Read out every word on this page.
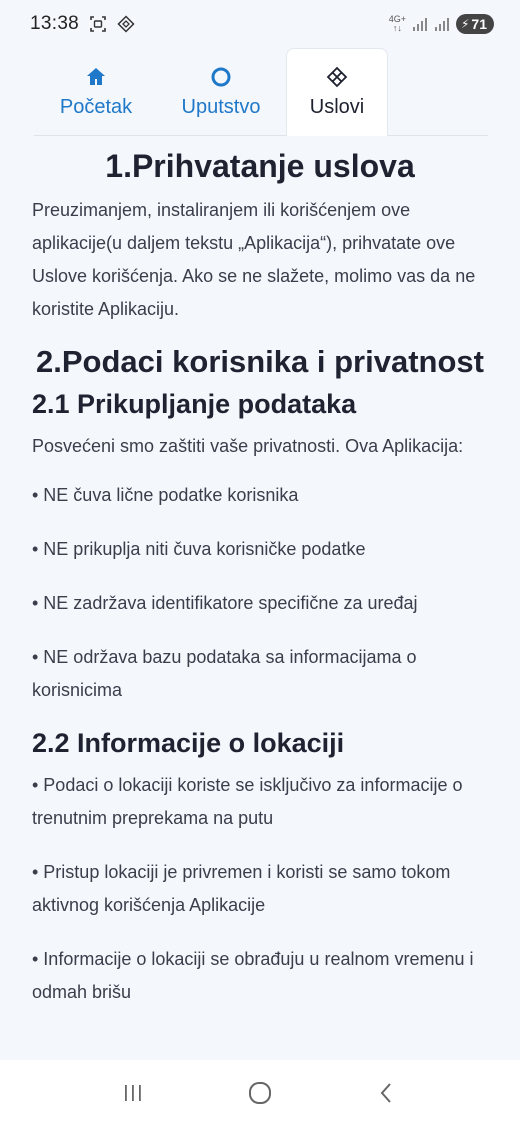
13:38	4G+
↑↓	⚡ 71
Početak Uputstvo Uslovi
1.Prihvatanje uslova

Preuzimanjem, instaliranjem ili korišćenjem ove aplikacije(u daljem tekstu „Aplikacija“), prihvatate ove Uslove korišćenja. Ako se ne slažete, molimo vas da ne koristite Aplikaciju.

2.Podaci korisnika i privatnost
2.1 Prikupljanje podataka

Posvećeni smo zaštiti vaše privatnosti. Ova Aplikacija:

• NE čuva lične podatke korisnika

• NE prikuplja niti čuva korisničke podatke

• NE zadržava identifikatore specifične za uređaj

• NE održava bazu podataka sa informacijama o korisnicima

2.2 Informacije o lokaciji

• Podaci o lokaciji koriste se isključivo za informacije o trenutnim preprekama na putu

• Pristup lokaciji je privremen i koristi se samo tokom aktivnog korišćenja Aplikacije

• Informacije o lokaciji se obrađuju u realnom vremenu i odmah brišu
